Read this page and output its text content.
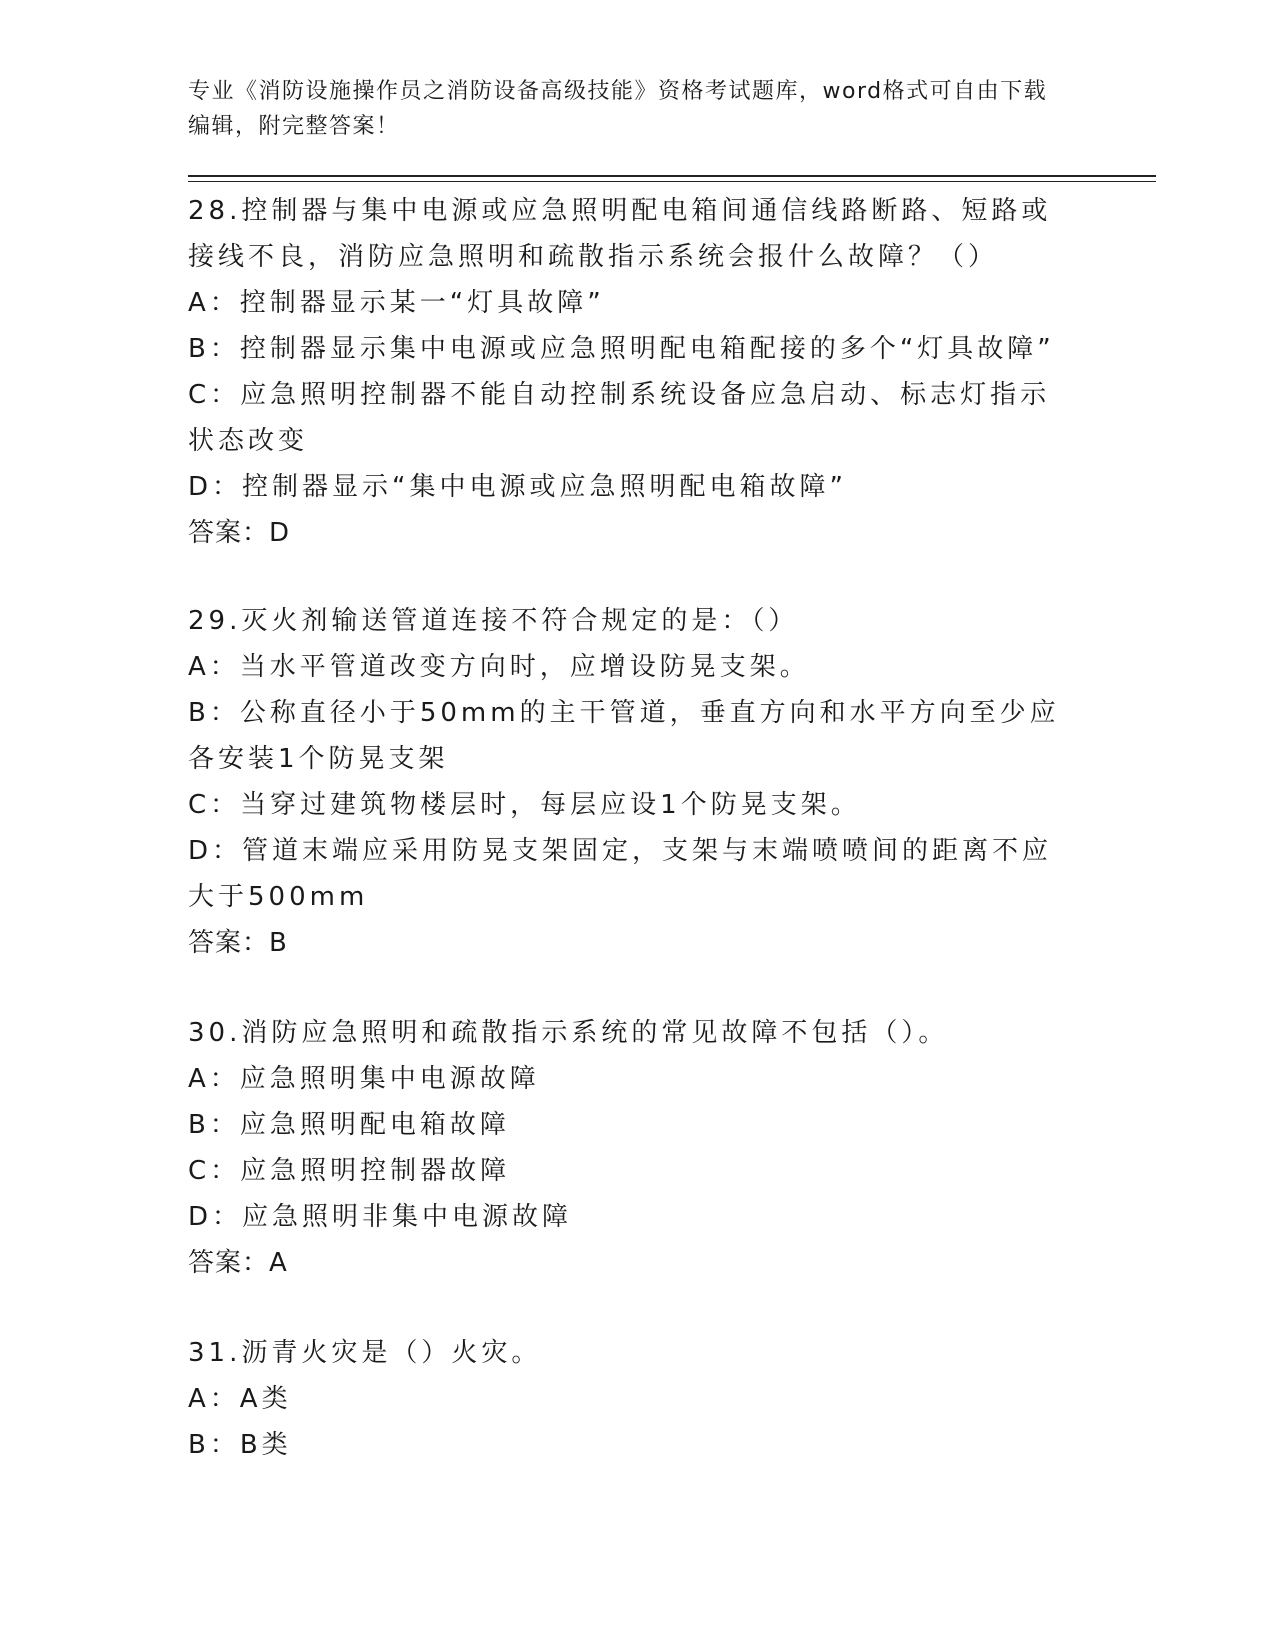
专业《消防设施操作员之消防设备高级技能》资格考试题库，word格式可自由下载编辑，附完整答案！
28.控制器与集中电源或应急照明配电箱间通信线路断路、短路或接线不良，消防应急照明和疏散指示系统会报什么故障？（）
A：控制器显示某一“灯具故障”
B：控制器显示集中电源或应急照明配电箱配接的多个“灯具故障”
C：应急照明控制器不能自动控制系统设备应急启动、标志灯指示状态改变
D：控制器显示“集中电源或应急照明配电箱故障”
答案：D
29.灭火剂输送管道连接不符合规定的是：（）
A：当水平管道改变方向时，应增设防晃支架。
B：公称直径小于50mm的主干管道，垂直方向和水平方向至少应各安装1个防晃支架
C：当穿过建筑物楼层时，每层应设1个防晃支架。
D：管道末端应采用防晃支架固定，支架与末端喷喷间的距离不应大于500mm
答案：B
30.消防应急照明和疏散指示系统的常见故障不包括（）。
A：应急照明集中电源故障
B：应急照明配电箱故障
C：应急照明控制器故障
D：应急照明非集中电源故障
答案：A
31.沥青火灾是（）火灾。
A：A类
B：B类
